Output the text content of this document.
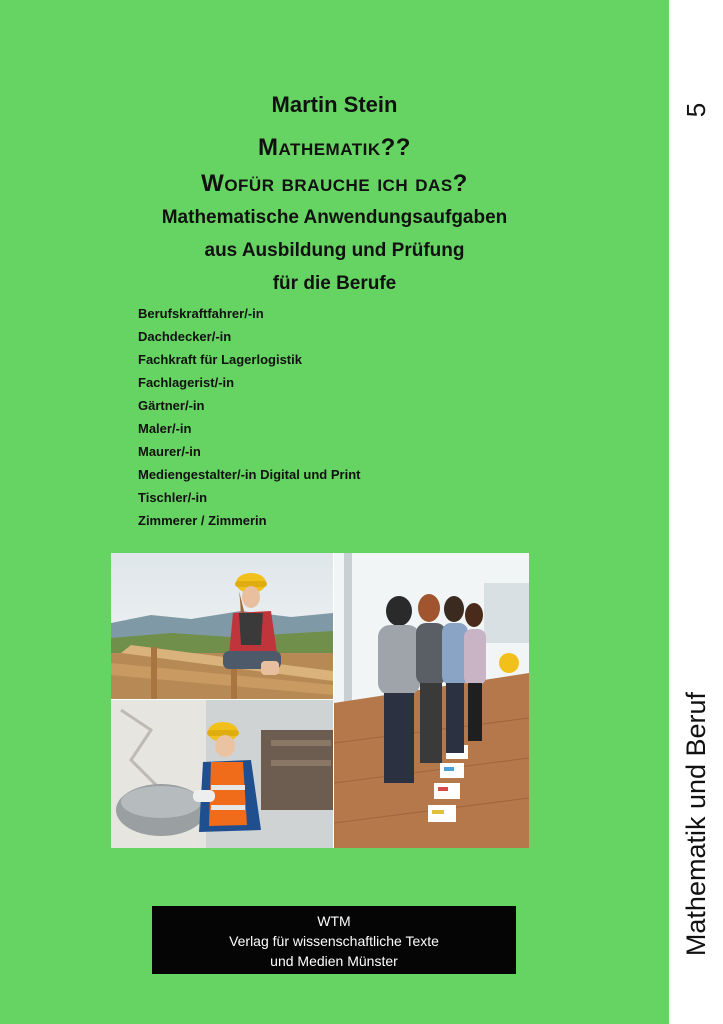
Martin Stein
Mathematik??
Wofür brauche ich das?
Mathematische Anwendungsaufgaben
aus Ausbildung und Prüfung
für die Berufe
Berufskraftfahrer/-in
Dachdecker/-in
Fachkraft für Lagerlogistik
Fachlagerist/-in
Gärtner/-in
Maler/-in
Maurer/-in
Mediengestalter/-in Digital und Print
Tischler/-in
Zimmerer / Zimmerin
WTM
Verlag für wissenschaftliche Texte
und Medien Münster
5
Mathematik und Beruf
